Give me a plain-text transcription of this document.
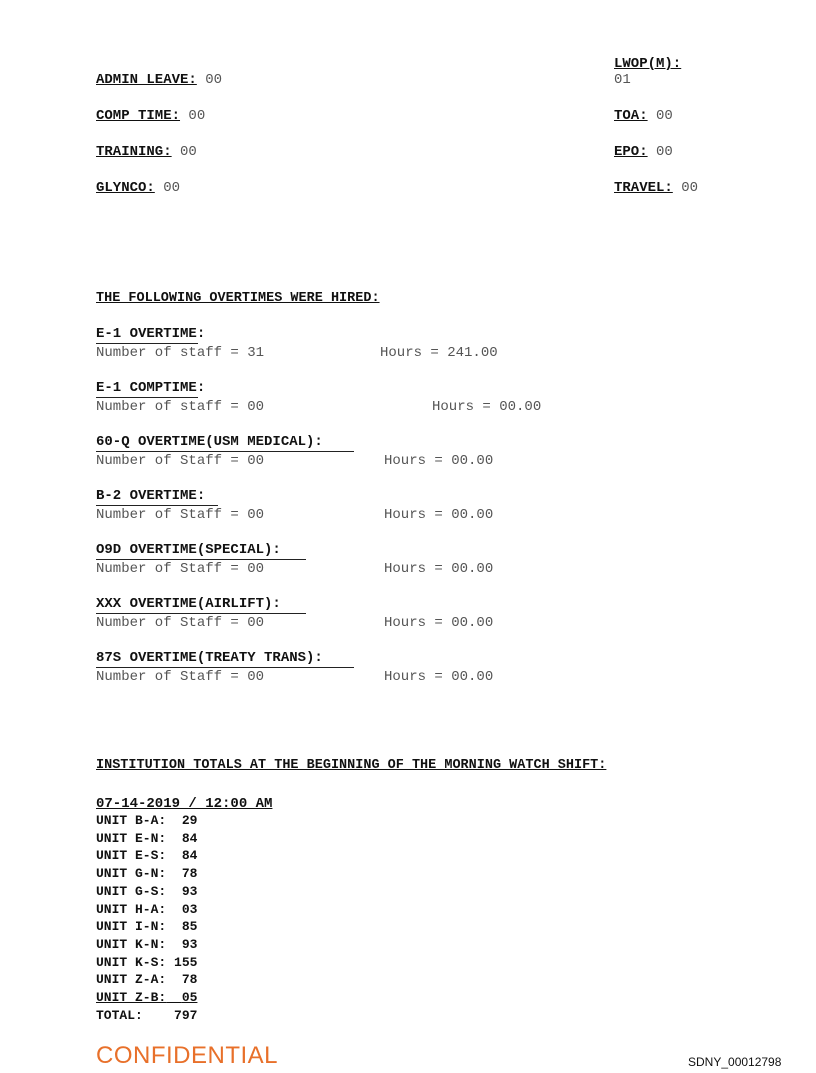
ADMIN LEAVE: 00
COMP TIME: 00
TRAINING: 00
GLYNCO: 00
LWOP(M):
01
TOA: 00
EPO: 00
TRAVEL: 00
THE FOLLOWING OVERTIMES WERE HIRED:
E-1 OVERTIME:
Number of staff = 31	Hours = 241.00
E-1 COMPTIME:
Number of staff = 00	Hours = 00.00
60-Q OVERTIME(USM MEDICAL):
Number of Staff = 00	Hours = 00.00
B-2 OVERTIME:
Number of Staff = 00	Hours = 00.00
O9D OVERTIME(SPECIAL):
Number of Staff = 00	Hours = 00.00
XXX OVERTIME(AIRLIFT):
Number of Staff = 00	Hours = 00.00
87S OVERTIME(TREATY TRANS):
Number of Staff = 00	Hours = 00.00
INSTITUTION TOTALS AT THE BEGINNING OF THE MORNING WATCH SHIFT:
07-14-2019 / 12:00 AM
UNIT B-A: 29
UNIT E-N: 84
UNIT E-S: 84
UNIT G-N: 78
UNIT G-S: 93
UNIT H-A: 03
UNIT I-N: 85
UNIT K-N: 93
UNIT K-S: 155
UNIT Z-A: 78
UNIT Z-B: 05
TOTAL: 797
CONFIDENTIAL	SDNY_00012798
